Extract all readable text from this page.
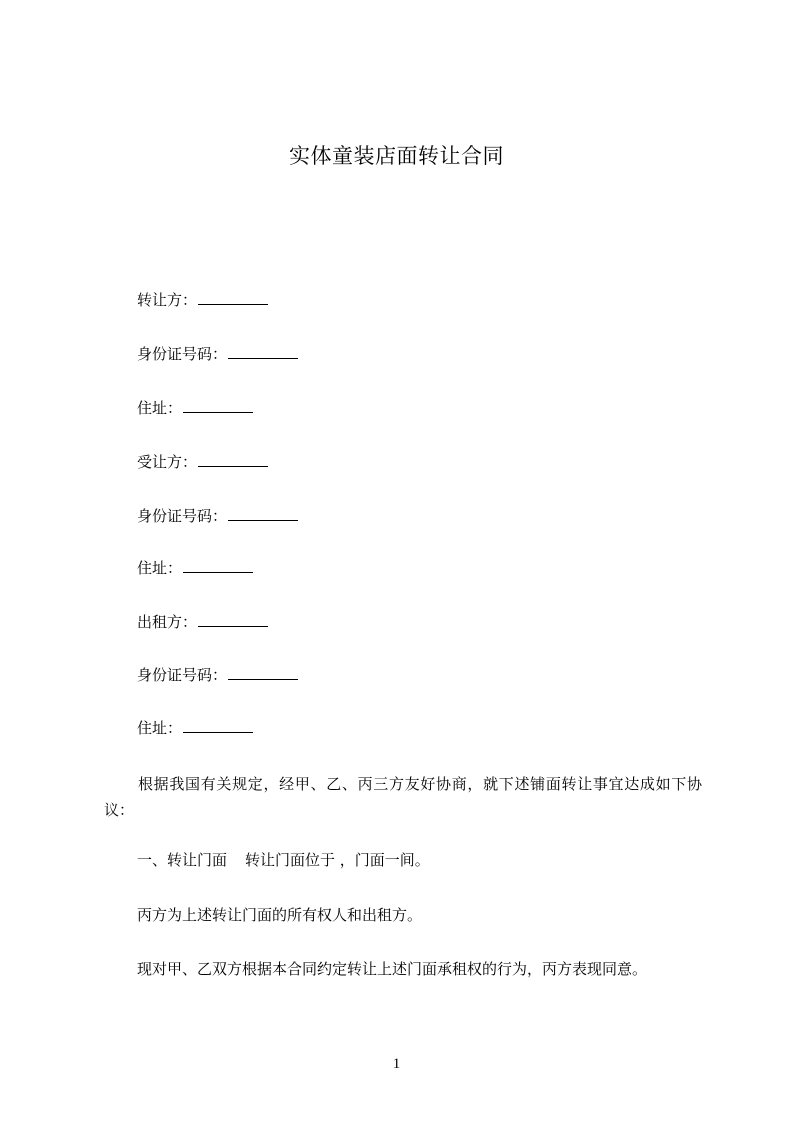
实体童装店面转让合同
转让方：
身份证号码：
住址：
受让方：
身份证号码：
住址：
出租方：
身份证号码：
住址：
根据我国有关规定，经甲、乙、丙三方友好协商，就下述铺面转让事宜达成如下协议：
一、转让门面 转让门面位于 ，门面一间。
丙方为上述转让门面的所有权人和出租方。
现对甲、乙双方根据本合同约定转让上述门面承租权的行为，丙方表现同意。
1
